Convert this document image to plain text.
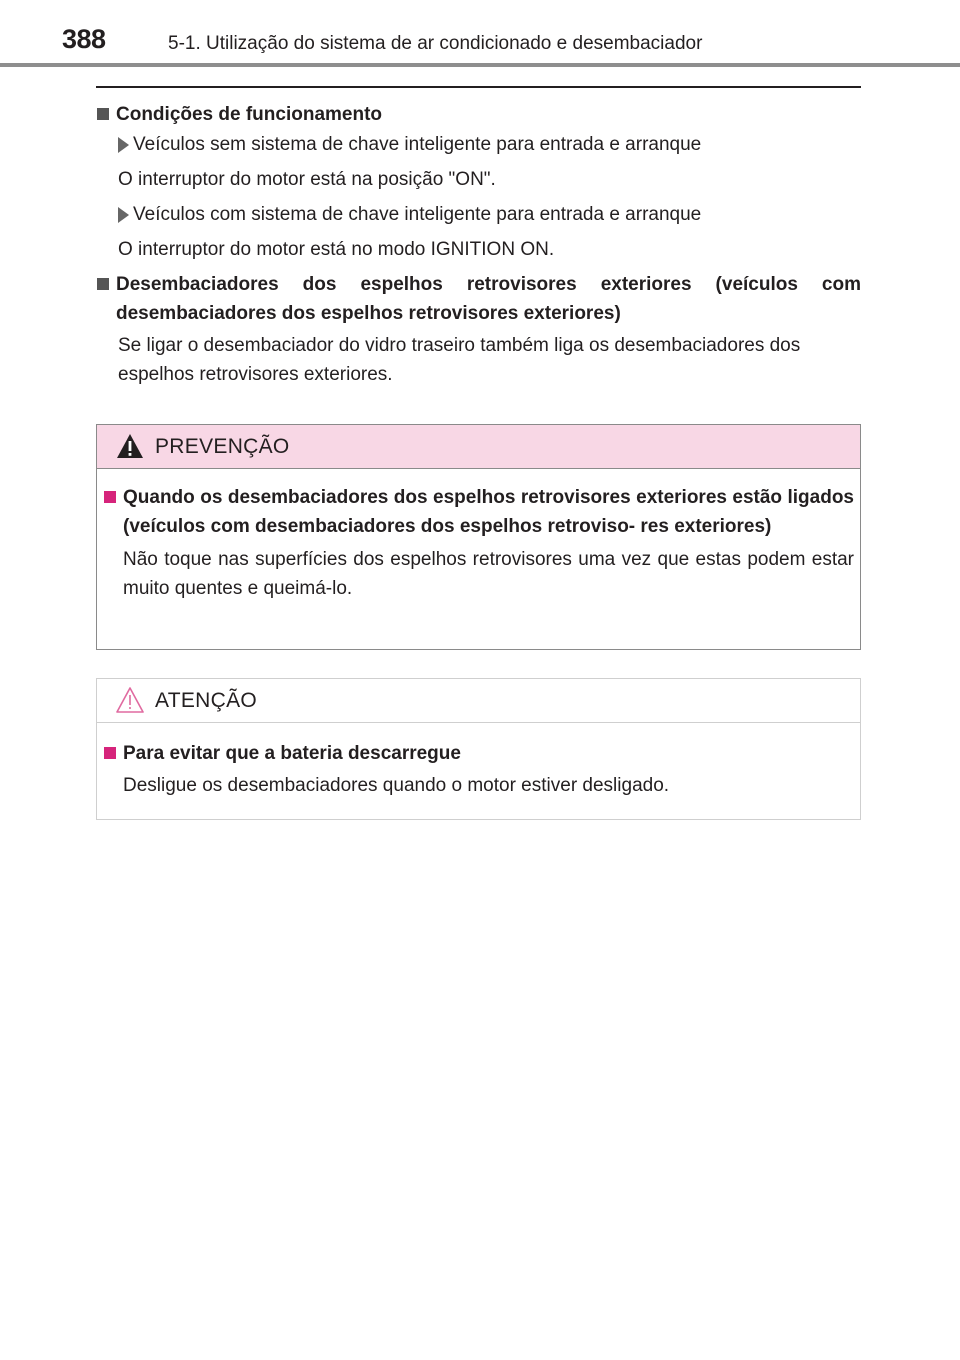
388	5-1. Utilização do sistema de ar condicionado e desembaciador
Condições de funcionamento
Veículos sem sistema de chave inteligente para entrada e arranque
O interruptor do motor está na posição "ON".
Veículos com sistema de chave inteligente para entrada e arranque
O interruptor do motor está no modo IGNITION ON.
Desembaciadores dos espelhos retrovisores exteriores (veículos com desembaciadores dos espelhos retrovisores exteriores)
Se ligar o desembaciador do vidro traseiro também liga os desembaciadores dos espelhos retrovisores exteriores.
PREVENÇÃO
Quando os desembaciadores dos espelhos retrovisores exteriores estão ligados (veículos com desembaciadores dos espelhos retroviso- res exteriores)
Não toque nas superfícies dos espelhos retrovisores uma vez que estas podem estar muito quentes e queimá-lo.
ATENÇÃO
Para evitar que a bateria descarregue
Desligue os desembaciadores quando o motor estiver desligado.
